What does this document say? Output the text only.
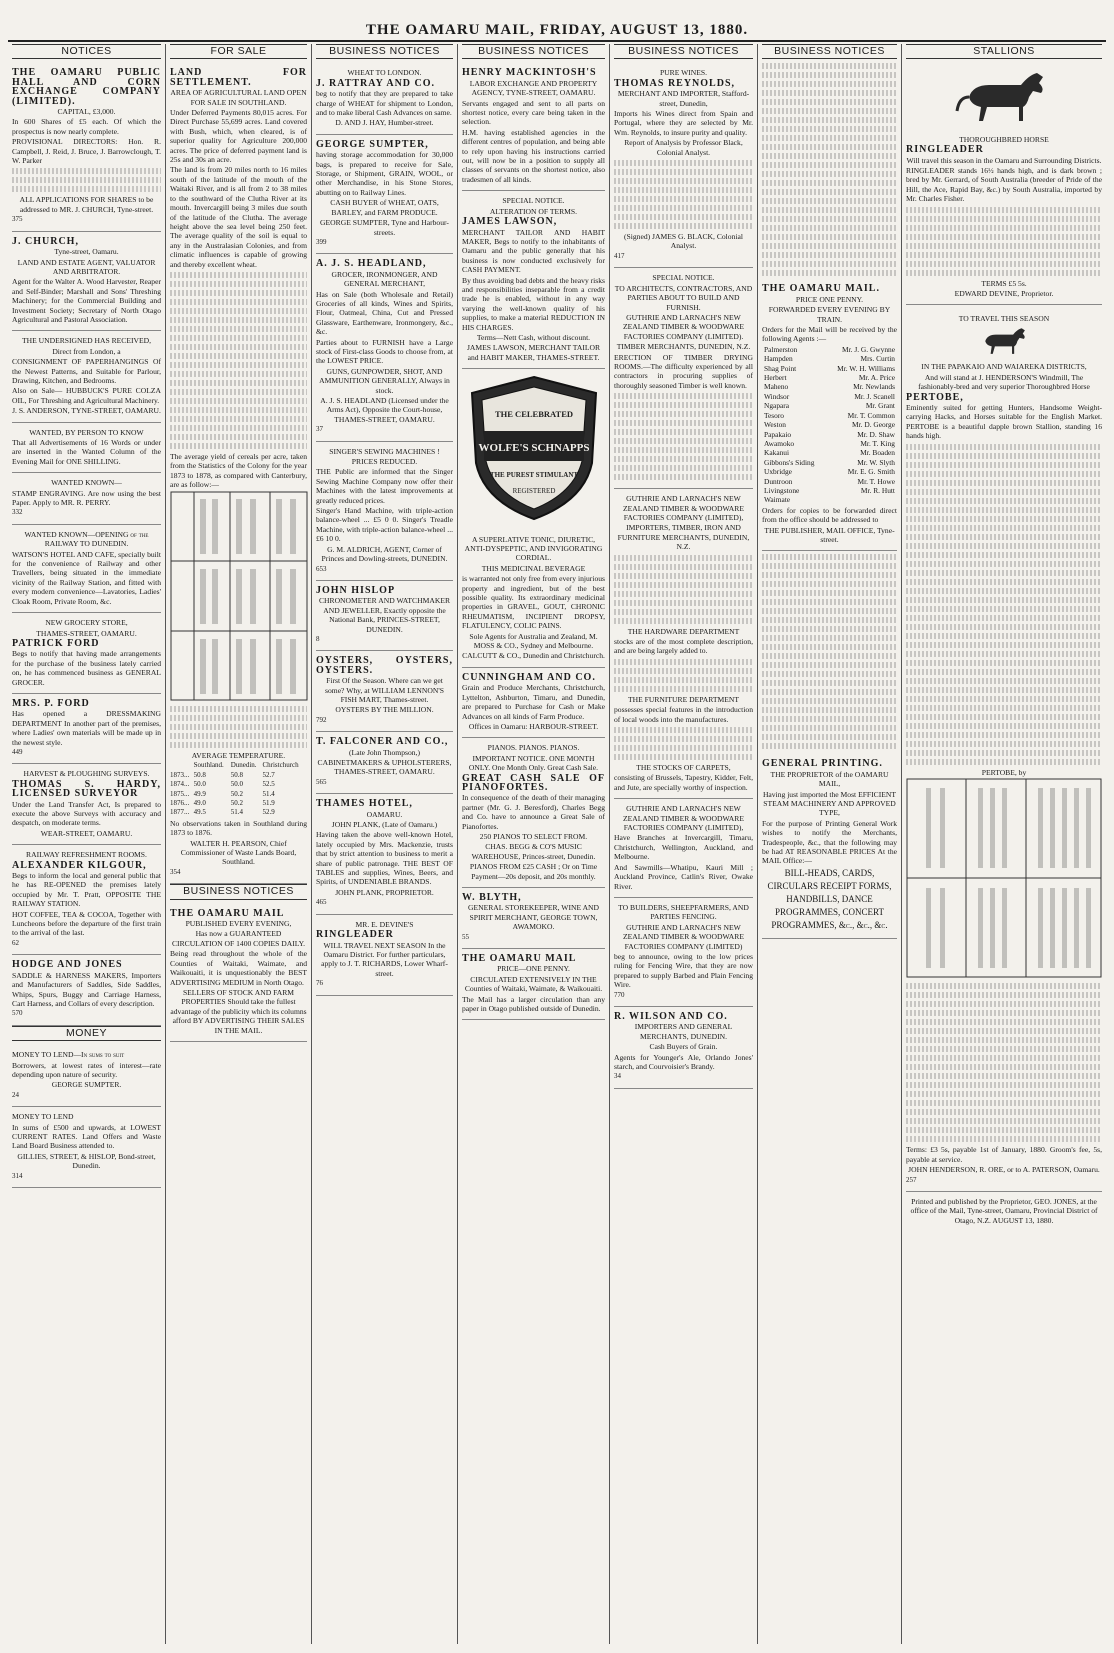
THE OAMARU MAIL, FRIDAY, AUGUST 13, 1880.
NOTICES

THE OAMARU PUBLIC HALL AND CORN EXCHANGE COMPANY (LIMITED).

CAPITAL, £3,000.

In 600 Shares of £5 each. Of which the prospectus is now nearly complete.

PROVISIONAL DIRECTORS: Hon. R. Campbell, J. Reid, J. Bruce, J. Barrowclough, T. W. Parker

ALL APPLICATIONS FOR SHARES to be addressed to MR. J. CHURCH, Tyne-street.

375

J. CHURCH,

Tyne-street, Oamaru.

LAND AND ESTATE AGENT, VALUATOR AND ARBITRATOR.

Agent for the Walter A. Wood Harvester, Reaper and Self-Binder; Marshall and Sons' Threshing Machinery; for the Commercial Building and Investment Society; Secretary of North Otago Agricultural and Pastoral Association.

THE UNDERSIGNED HAS RECEIVED,

Direct from London, a

CONSIGNMENT OF PAPERHANGINGS Of the Newest Patterns, and Suitable for Parlour, Drawing, Kitchen, and Bedrooms.

Also on Sale— HUBBUCK'S PURE COLZA OIL, For Threshing and Agricultural Machinery.

J. S. ANDERSON, TYNE-STREET, OAMARU.

WANTED, BY PERSON TO KNOW

That all Advertisements of 16 Words or under are inserted in the Wanted Column of the Evening Mail for ONE SHILLING.

WANTED KNOWN—

STAMP ENGRAVING. Are now using the best Paper. Apply to MR. R. PERRY.

332

WANTED KNOWN—OPENING of the RAILWAY TO DUNEDIN.

WATSON'S HOTEL AND CAFE, specially built for the convenience of Railway and other Travellers, being situated in the immediate vicinity of the Railway Station, and fitted with every modern convenience—Lavatories, Ladies' Cloak Room, Private Room, &c.

NEW GROCERY STORE,

THAMES-STREET, OAMARU.

PATRICK FORD

Begs to notify that having made arrangements for the purchase of the business lately carried on, he has commenced business as GENERAL GROCER.

MRS. P. FORD

Has opened a DRESSMAKING DEPARTMENT In another part of the premises, where Ladies' own materials will be made up in the newest style.

449

HARVEST & PLOUGHING SURVEYS.

THOMAS S. HARDY, LICENSED SURVEYOR

Under the Land Transfer Act, Is prepared to execute the above Surveys with accuracy and despatch, on moderate terms.

WEAR-STREET, OAMARU.

RAILWAY REFRESHMENT ROOMS.

ALEXANDER KILGOUR,

Begs to inform the local and general public that he has RE-OPENED the premises lately occupied by Mr. T. Pratt, OPPOSITE THE RAILWAY STATION.

HOT COFFEE, TEA & COCOA, Together with Luncheons before the departure of the first train to the arrival of the last.

62

HODGE AND JONES

SADDLE & HARNESS MAKERS, Importers and Manufacturers of Saddles, Side Saddles, Whips, Spurs, Buggy and Carriage Harness, Cart Harness, and Collars of every description.

570

MONEY

MONEY TO LEND—In sums to suit

Borrowers, at lowest rates of interest—rate depending upon nature of security.

GEORGE SUMPTER.

24

MONEY TO LEND

In sums of £500 and upwards, at LOWEST CURRENT RATES. Land Offers and Waste Land Board Business attended to.

GILLIES, STREET, & HISLOP, Bond-street, Dunedin.

314

FOR SALE

LAND FOR SETTLEMENT.

AREA OF AGRICULTURAL LAND OPEN FOR SALE IN SOUTHLAND.

Under Deferred Payments 80,015 acres. For Direct Purchase 55,699 acres. Land covered with Bush, which, when cleared, is of superior quality for Agriculture 200,000 acres. The price of deferred payment land is 25s and 30s an acre.

The land is from 20 miles north to 16 miles south of the latitude of the mouth of the Waitaki River, and is all from 2 to 38 miles to the southward of the Clutha River at its mouth. Invercargill being 3 miles due south of the latitude of the Clutha. The average height above the sea level being 250 feet. The average quality of the soil is equal to any in the Australasian Colonies, and from climatic influences is capable of growing and thereby excellent wheat.

The average yield of cereals per acre, taken from the Statistics of the Colony for the year 1873 to 1878, as compared with Canterbury, are as follow:—

AVERAGE TEMPERATURE.

	Southland.	Dunedin.	Christchurch
1873...	50.8	50.8	52.7
1874...	50.0	50.0	52.5
1875...	49.9	50.2	51.4
1876...	49.0	50.2	51.9
1877...	49.5	51.4	52.9

No observations taken in Southland during 1873 to 1876.

WALTER H. PEARSON, Chief Commissioner of Waste Lands Board, Southland.

354

BUSINESS NOTICES

THE OAMARU MAIL

PUBLISHED EVERY EVENING,

Has now a GUARANTEED CIRCULATION OF 1400 COPIES DAILY.

Being read throughout the whole of the Counties of Waitaki, Waimate, and Waikouaiti, it is unquestionably the BEST ADVERTISING MEDIUM in North Otago.

SELLERS OF STOCK AND FARM PROPERTIES Should take the fullest advantage of the publicity which its columns afford BY ADVERTISING THEIR SALES IN THE MAIL.

BUSINESS NOTICES

WHEAT TO LONDON.

J. RATTRAY AND CO.

beg to notify that they are prepared to take charge of WHEAT for shipment to London, and to make liberal Cash Advances on same.

D. AND J. HAY, Humber-street.

GEORGE SUMPTER,

having storage accommodation for 30,000 bags, is prepared to receive for Sale, Storage, or Shipment, GRAIN, WOOL, or other Merchandise, in his Stone Stores, abutting on to Railway Lines.

CASH BUYER of WHEAT, OATS, BARLEY, and FARM PRODUCE.

GEORGE SUMPTER, Tyne and Harbour-streets.

399

A. J. S. HEADLAND,

GROCER, IRONMONGER, AND GENERAL MERCHANT,

Has on Sale (both Wholesale and Retail) Groceries of all kinds, Wines and Spirits, Flour, Oatmeal, China, Cut and Pressed Glassware, Earthenware, Ironmongery, &c., &c.

Parties about to FURNISH have a Large stock of First-class Goods to choose from, at the LOWEST PRICE.

GUNS, GUNPOWDER, SHOT, AND AMMUNITION GENERALLY, Always in stock.

A. J. S. HEADLAND (Licensed under the Arms Act), Opposite the Court-house, THAMES-STREET, OAMARU.

37

SINGER'S SEWING MACHINES !

PRICES REDUCED.

THE Public are informed that the Singer Sewing Machine Company now offer their Machines with the latest improvements at greatly reduced prices.

Singer's Hand Machine, with triple-action balance-wheel ... £5 0 0. Singer's Treadle Machine, with triple-action balance-wheel ... £6 10 0.

G. M. ALDRICH, AGENT, Corner of Princes and Dowling-streets, DUNEDIN.

653

JOHN HISLOP

CHRONOMETER AND WATCHMAKER AND JEWELLER, Exactly opposite the National Bank, PRINCES-STREET, DUNEDIN.

8

OYSTERS, OYSTERS, OYSTERS.

First Of the Season. Where can we get some? Why, at WILLIAM LENNON'S FISH MART, Thames-street.

OYSTERS BY THE MILLION.

792

T. FALCONER AND CO.,

(Late John Thompson,)

CABINETMAKERS & UPHOLSTERERS, THAMES-STREET, OAMARU.

565

THAMES HOTEL,

OAMARU.

JOHN PLANK, (Late of Oamaru.)

Having taken the above well-known Hotel, lately occupied by Mrs. Mackenzie, trusts that by strict attention to business to merit a share of public patronage. THE BEST OF TABLES and supplies, Wines, Beers, and Spirits, of UNDENIABLE BRANDS.

JOHN PLANK, PROPRIETOR.

465

MR. E. DEVINE'S

RINGLEADER

WILL TRAVEL NEXT SEASON In the Oamaru District. For further particulars, apply to J. T. RICHARDS, Lower Wharf-street.

76

BUSINESS NOTICES

HENRY MACKINTOSH'S

LABOR EXCHANGE AND PROPERTY AGENCY, TYNE-STREET, OAMARU.

Servants engaged and sent to all parts on shortest notice, every care being taken in the selection.

H.M. having established agencies in the different centres of population, and being able to rely upon having his instructions carried out, will now be in a position to supply all classes of servants on the shortest notice, also tradesmen of all kinds.

SPECIAL NOTICE.

ALTERATION OF TERMS.

JAMES LAWSON,

MERCHANT TAILOR AND HABIT MAKER, Begs to notify to the inhabitants of Oamaru and the public generally that his business is now conducted exclusively for CASH PAYMENT.

By thus avoiding bad debts and the heavy risks and responsibilities inseparable from a credit trade he is enabled, without in any way varying the well-known quality of his supplies, to make a material REDUCTION IN HIS CHARGES.

Terms—Nett Cash, without discount.

JAMES LAWSON, MERCHANT TAILOR and HABIT MAKER, THAMES-STREET.

THE CELEBRATED
WOLFE'S SCHNAPPS
THE PUREST STIMULANT
REGISTERED

A SUPERLATIVE TONIC, DIURETIC, ANTI-DYSPEPTIC, AND INVIGORATING CORDIAL.

THIS MEDICINAL BEVERAGE

is warranted not only free from every injurious property and ingredient, but of the best possible quality. Its extraordinary medicinal properties in GRAVEL, GOUT, CHRONIC RHEUMATISM, INCIPIENT DROPSY, FLATULENCY, COLIC PAINS.

Sole Agents for Australia and Zealand, M. MOSS & CO., Sydney and Melbourne.

CALCUTT & CO., Dunedin and Christchurch.

CUNNINGHAM AND CO.

Grain and Produce Merchants, Christchurch, Lyttelton, Ashburton, Timaru, and Dunedin, are prepared to Purchase for Cash or Make Advances on all kinds of Farm Produce.

Offices in Oamaru: HARBOUR-STREET.

PIANOS. PIANOS. PIANOS.

IMPORTANT NOTICE. ONE MONTH ONLY. One Month Only. Great Cash Sale.

GREAT CASH SALE OF PIANOFORTES.

In consequence of the death of their managing partner (Mr. G. J. Beresford), Charles Begg and Co. have to announce a Great Sale of Pianofortes.

250 PIANOS TO SELECT FROM.

CHAS. BEGG & CO'S MUSIC WAREHOUSE, Princes-street, Dunedin.

PIANOS FROM £25 CASH ; Or on Time Payment—20s deposit, and 20s monthly.

W. BLYTH,

GENERAL STOREKEEPER, WINE AND SPIRIT MERCHANT, GEORGE TOWN, AWAMOKO.

55

THE OAMARU MAIL

PRICE—ONE PENNY.

CIRCULATED EXTENSIVELY IN THE Counties of Waitaki, Waimate, & Waikouaiti.

The Mail has a larger circulation than any paper in Otago published outside of Dunedin.

BUSINESS NOTICES

PURE WINES.

THOMAS REYNOLDS,

MERCHANT AND IMPORTER, Stafford-street, Dunedin,

Imports his Wines direct from Spain and Portugal, where they are selected by Mr. Wm. Reynolds, to insure purity and quality.

Report of Analysis by Professor Black, Colonial Analyst.

(Signed) JAMES G. BLACK, Colonial Analyst.

417

SPECIAL NOTICE.

TO ARCHITECTS, CONTRACTORS, AND PARTIES ABOUT TO BUILD AND FURNISH.

GUTHRIE AND LARNACH'S NEW ZEALAND TIMBER & WOODWARE FACTORIES COMPANY (LIMITED).

TIMBER MERCHANTS, DUNEDIN, N.Z.

ERECTION OF TIMBER DRYING ROOMS.—The difficulty experienced by all contractors in procuring supplies of thoroughly seasoned Timber is well known.

GUTHRIE AND LARNACH'S NEW ZEALAND TIMBER & WOODWARE FACTORIES COMPANY (LIMITED),

IMPORTERS, TIMBER, IRON AND FURNITURE MERCHANTS, DUNEDIN, N.Z.

THE HARDWARE DEPARTMENT

stocks are of the most complete description, and are being largely added to.

THE FURNITURE DEPARTMENT

possesses special features in the introduction of local woods into the manufactures.

THE STOCKS OF CARPETS,

consisting of Brussels, Tapestry, Kidder, Felt, and Jute, are specially worthy of inspection.

GUTHRIE AND LARNACH'S NEW ZEALAND TIMBER & WOODWARE FACTORIES COMPANY (LIMITED),

Have Branches at Invercargill, Timaru, Christchurch, Wellington, Auckland, and Melbourne.

And Sawmills—Whatipu, Kauri Mill ; Auckland Province, Catlin's River, Owake River.

TO BUILDERS, SHEEPFARMERS, AND PARTIES FENCING.

GUTHRIE AND LARNACH'S NEW ZEALAND TIMBER & WOODWARE FACTORIES COMPANY (LIMITED)

beg to announce, owing to the low prices ruling for Fencing Wire, that they are now prepared to supply Barbed and Plain Fencing Wire.

770

R. WILSON AND CO.

IMPORTERS AND GENERAL MERCHANTS, DUNEDIN.

Cash Buyers of Grain.

Agents for Younger's Ale, Orlando Jones' starch, and Courvoisier's Brandy.

34

BUSINESS NOTICES

THE OAMARU MAIL.

PRICE ONE PENNY.

FORWARDED EVERY EVENING BY TRAIN.

Orders for the Mail will be received by the following Agents :—

Palmerston	Mr. J. G. Gwynne
Hampden	Mrs. Curtin
Shag Point	Mr. W. H. Williams
Herbert	Mr. A. Price
Maheno	Mr. Newlands
Windsor	Mr. J. Scanell
Ngapara	Mr. Grant
Tesoro	Mr. T. Common
Weston	Mr. D. George
Papakaio	Mr. D. Shaw
Awamoko	Mr. T. King
Kakanui	Mr. Boaden
Gibbons's Siding	Mr. W. Slyth
Uxbridge	Mr. E. G. Smith
Duntroon	Mr. T. Howe
Livingstone	Mr. R. Hutt
Waimate	

Orders for copies to be forwarded direct from the office should be addressed to

THE PUBLISHER, MAIL OFFICE, Tyne-street.

GENERAL PRINTING.

THE PROPRIETOR of the OAMARU MAIL,

Having just imported the Most EFFICIENT STEAM MACHINERY AND APPROVED TYPE,

For the purpose of Printing General Work wishes to notify the Merchants, Tradespeople, &c., that the following may be had AT REASONABLE PRICES At the MAIL Office:—

BILL-HEADS, CARDS, CIRCULARS RECEIPT FORMS, HANDBILLS, DANCE PROGRAMMES, CONCERT PROGRAMMES, &c., &c., &c.

STALLIONS

THOROUGHBRED HORSE

RINGLEADER

Will travel this season in the Oamaru and Surrounding Districts.

RINGLEADER stands 16½ hands high, and is dark brown ; bred by Mr. Gerrard, of South Australia (breeder of Pride of the Hill, the Ace, Rapid Bay, &c.) by South Australia, imported by Mr. Charles Fisher.

TERMS £5 5s.

EDWARD DEVINE, Proprietor.

TO TRAVEL THIS SEASON

IN THE PAPAKAIO AND WAIAREKA DISTRICTS,

And will stand at J. HENDERSON'S Windmill, The fashionably-bred and very superior Thoroughbred Horse

PERTOBE,

Eminently suited for getting Hunters, Handsome Weight-carrying Hacks, and Horses suitable for the English Market. PERTOBE is a beautiful dapple brown Stallion, standing 16 hands high.

PERTOBE, by

Terms: £3 5s, payable 1st of January, 1880. Groom's fee, 5s, payable at service.

JOHN HENDERSON, R. ORE, or to A. PATERSON, Oamaru.

257

Printed and published by the Proprietor, GEO. JONES, at the office of the Mail, Tyne-street, Oamaru, Provincial District of Otago, N.Z. AUGUST 13, 1880.
